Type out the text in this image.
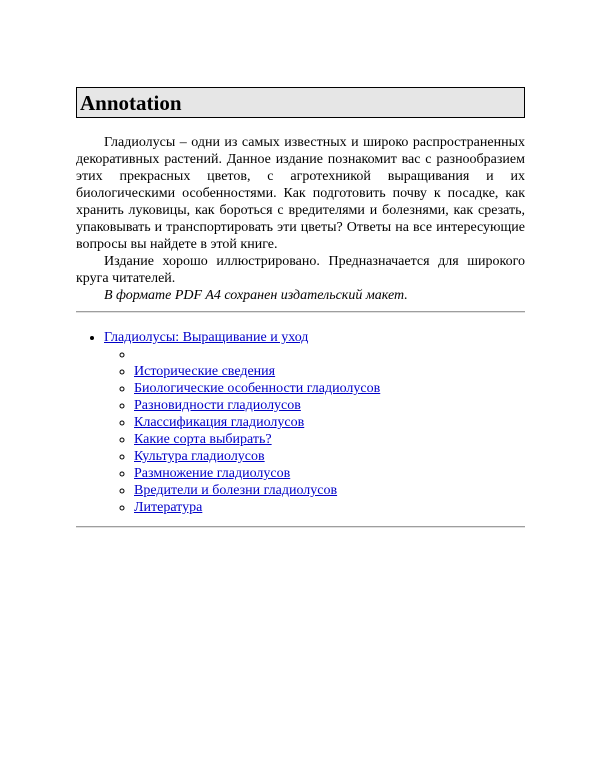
Annotation

Гладиолусы – одни из самых известных и широко распространенных декоративных растений. Данное издание познакомит вас с разнообразием этих прекрасных цветов, с агротехникой выращивания и их биологическими особенностями. Как подготовить почву к посадке, как хранить луковицы, как бороться с вредителями и болезнями, как срезать, упаковывать и транспортировать эти цветы? Ответы на все интересующие вопросы вы найдете в этой книге.

Издание хорошо иллюстрировано. Предназначается для широкого круга читателей.

В формате PDF A4 сохранен издательский макет.

• Гладиолусы: Выращивание и уход
◦
◦ Исторические сведения
◦ Биологические особенности гладиолусов
◦ Разновидности гладиолусов
◦ Классификация гладиолусов
◦ Какие сорта выбирать?
◦ Культура гладиолусов
◦ Размножение гладиолусов
◦ Вредители и болезни гладиолусов
◦ Литература
